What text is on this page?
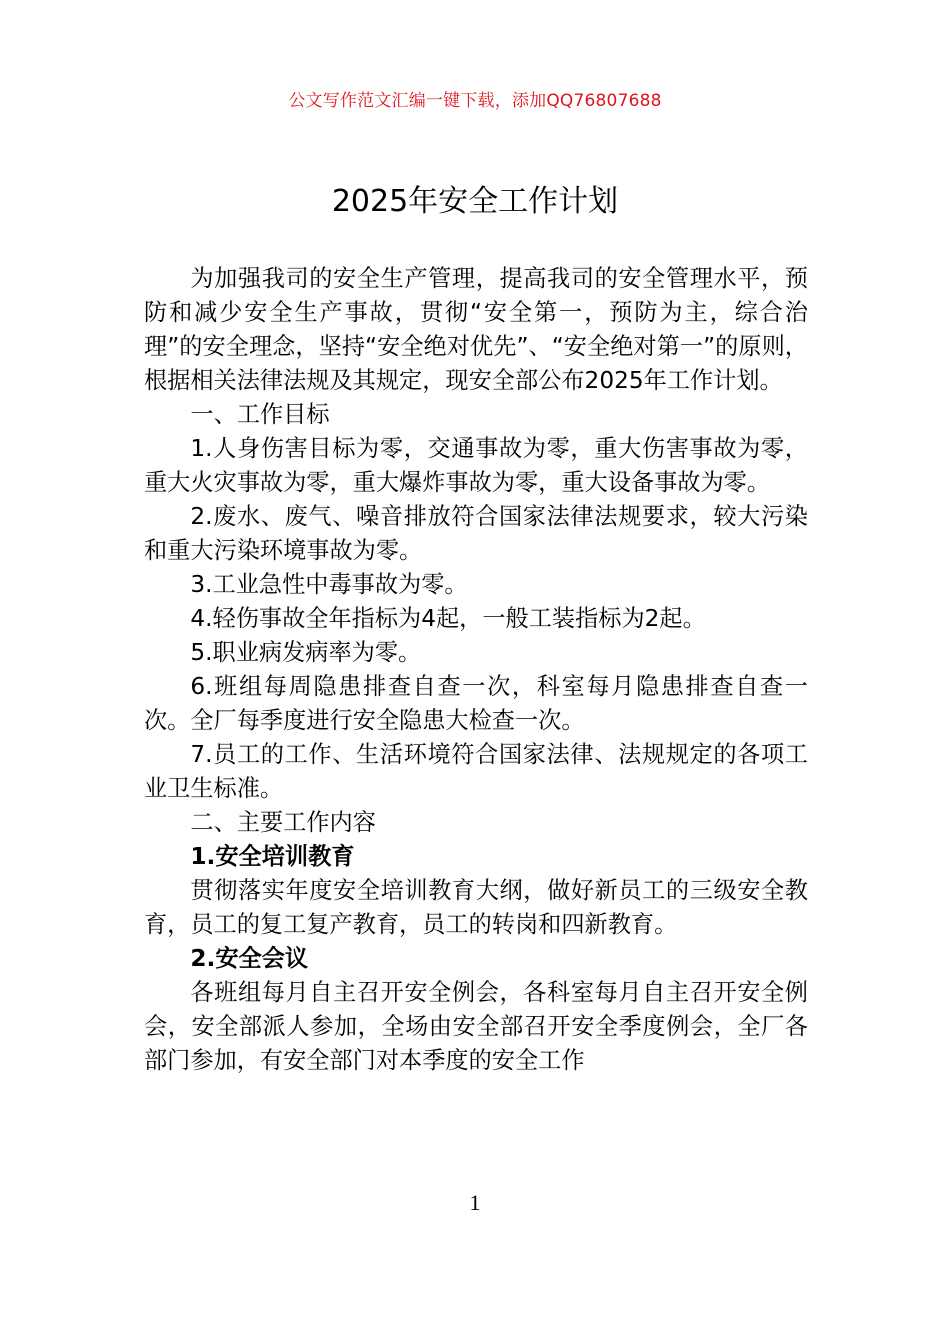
公文写作范文汇编一键下载，添加QQ76807688
2025年安全工作计划

为加强我司的安全生产管理，提高我司的安全管理水平，预防和减少安全生产事故，贯彻“安全第一，预防为主，综合治理”的安全理念，坚持“安全绝对优先”、“安全绝对第一”的原则，根据相关法律法规及其规定，现安全部公布2025年工作计划。

一、工作目标

1.人身伤害目标为零，交通事故为零，重大伤害事故为零，重大火灾事故为零，重大爆炸事故为零，重大设备事故为零。

2.废水、废气、噪音排放符合国家法律法规要求，较大污染和重大污染环境事故为零。

3.工业急性中毒事故为零。

4.轻伤事故全年指标为4起，一般工装指标为2起。

5.职业病发病率为零。

6.班组每周隐患排查自查一次，科室每月隐患排查自查一次。全厂每季度进行安全隐患大检查一次。

7.员工的工作、生活环境符合国家法律、法规规定的各项工业卫生标准。

二、主要工作内容

1.安全培训教育

贯彻落实年度安全培训教育大纲，做好新员工的三级安全教育，员工的复工复产教育，员工的转岗和四新教育。

2.安全会议

各班组每月自主召开安全例会，各科室每月自主召开安全例会，安全部派人参加，全场由安全部召开安全季度例会，全厂各部门参加，有安全部门对本季度的安全工作

1
